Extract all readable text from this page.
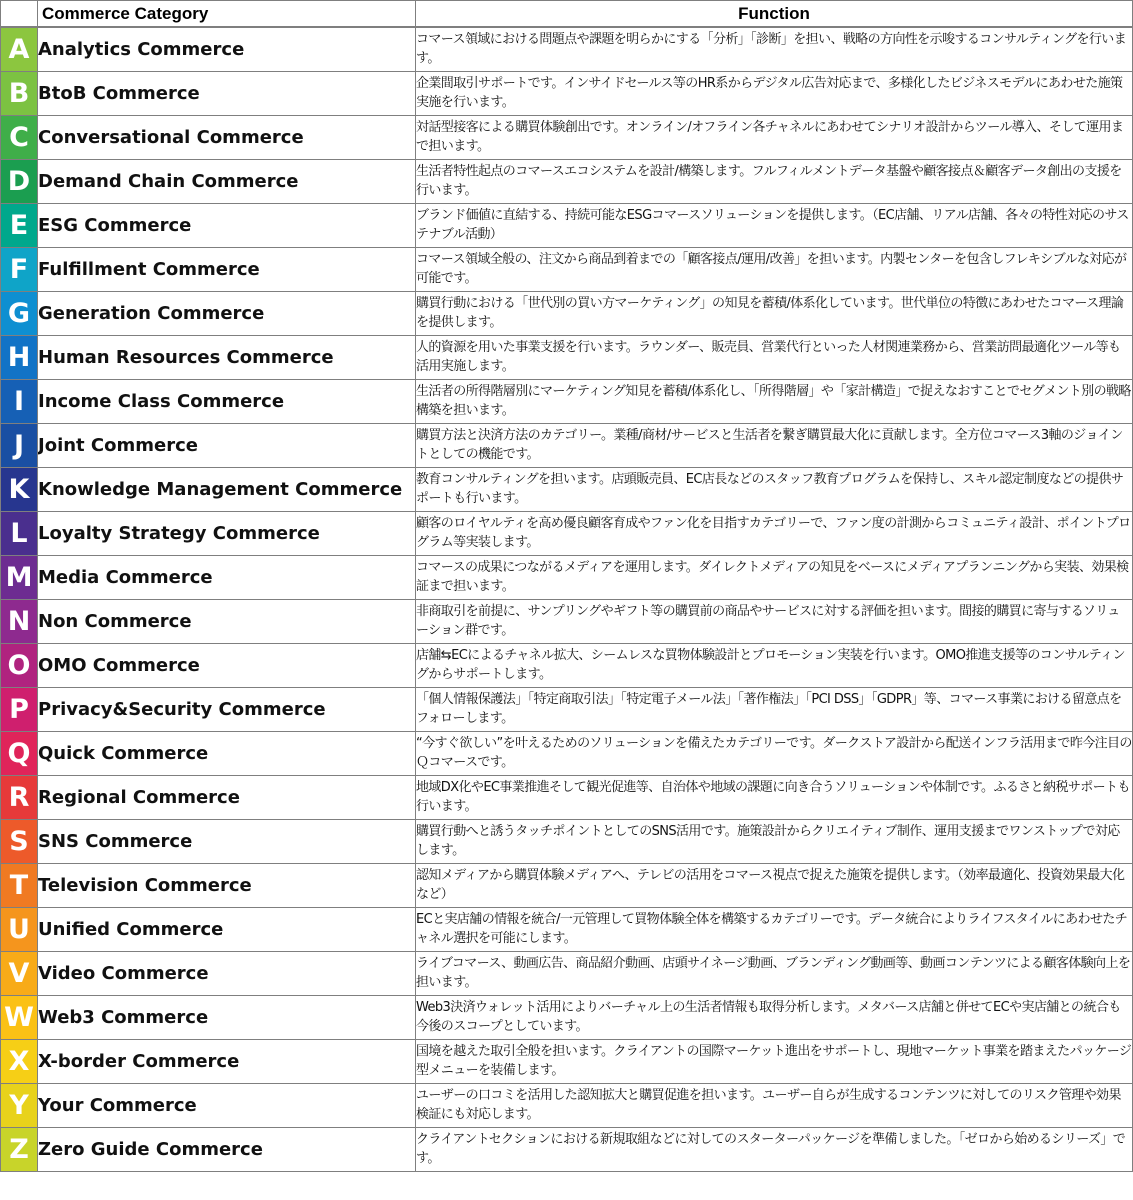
	Commerce Category	Function
A	Analytics Commerce	コマース領域における問題点や課題を明らかにする「分析」「診断」を担い、戦略の方向性を示唆するコンサルティングを行います。
B	BtoB Commerce	企業間取引サポートです。インサイドセールス等のHR系からデジタル広告対応まで、多様化したビジネスモデルにあわせた施策実施を行います。
C	Conversational Commerce	対話型接客による購買体験創出です。オンライン/オフライン各チャネルにあわせてシナリオ設計からツール導入、そして運用まで担います。
D	Demand Chain Commerce	生活者特性起点のコマースエコシステムを設計/構築します。フルフィルメントデータ基盤や顧客接点＆顧客データ創出の支援を行います。
E	ESG Commerce	ブランド価値に直結する、持続可能なESGコマースソリューションを提供します。（EC店舗、リアル店舗、各々の特性対応のサステナブル活動）
F	Fulfillment Commerce	コマース領域全般の、注文から商品到着までの「顧客接点/運用/改善」を担います。内製センターを包含しフレキシブルな対応が可能です。
G	Generation Commerce	購買行動における「世代別の買い方マーケティング」の知見を蓄積/体系化しています。世代単位の特徴にあわせたコマース理論を提供します。
H	Human Resources Commerce	人的資源を用いた事業支援を行います。ラウンダー、販売員、営業代行といった人材関連業務から、営業訪問最適化ツール等も活用実施します。
I	Income Class Commerce	生活者の所得階層別にマーケティング知見を蓄積/体系化し、「所得階層」や「家計構造」で捉えなおすことでセグメント別の戦略構築を担います。
J	Joint Commerce	購買方法と決済方法のカテゴリー。業種/商材/サービスと生活者を繋ぎ購買最大化に貢献します。全方位コマース3軸のジョイントとしての機能です。
K	Knowledge Management Commerce	教育コンサルティングを担います。店頭販売員、EC店長などのスタッフ教育プログラムを保持し、スキル認定制度などの提供サポートも行います。
L	Loyalty Strategy Commerce	顧客のロイヤルティを高め優良顧客育成やファン化を目指すカテゴリーで、ファン度の計測からコミュニティ設計、ポイントプログラム等実装します。
M	Media Commerce	コマースの成果につながるメディアを運用します。ダイレクトメディアの知見をベースにメディアプランニングから実装、効果検証まで担います。
N	Non Commerce	非商取引を前提に、サンプリングやギフト等の購買前の商品やサービスに対する評価を担います。間接的購買に寄与するソリューション群です。
O	OMO Commerce	店舗⇆ECによるチャネル拡大、シームレスな買物体験設計とプロモーション実装を行います。OMO推進支援等のコンサルティングからサポートします。
P	Privacy&Security Commerce	「個人情報保護法」「特定商取引法」「特定電子メール法」「著作権法」「PCI DSS」「GDPR」等、コマース事業における留意点をフォローします。
Q	Quick Commerce	“今すぐ欲しい”を叶えるためのソリューションを備えたカテゴリーです。ダークストア設計から配送インフラ活用まで昨今注目のＱコマースです。
R	Regional Commerce	地域DX化やEC事業推進そして観光促進等、自治体や地域の課題に向き合うソリューションや体制です。ふるさと納税サポートも行います。
S	SNS Commerce	購買行動へと誘うタッチポイントとしてのSNS活用です。施策設計からクリエイティブ制作、運用支援までワンストップで対応します。
T	Television Commerce	認知メディアから購買体験メディアへ、テレビの活用をコマース視点で捉えた施策を提供します。（効率最適化、投資効果最大化など）
U	Unified Commerce	ECと実店舗の情報を統合/一元管理して買物体験全体を構築するカテゴリーです。データ統合によりライフスタイルにあわせたチャネル選択を可能にします。
V	Video Commerce	ライブコマース、動画広告、商品紹介動画、店頭サイネージ動画、ブランディング動画等、動画コンテンツによる顧客体験向上を担います。
W	Web3 Commerce	Web3決済ウォレット活用によりバーチャル上の生活者情報も取得分析します。メタバース店舗と併せてECや実店舗との統合も今後のスコープとしています。
X	X-border Commerce	国境を越えた取引全般を担います。クライアントの国際マーケット進出をサポートし、現地マーケット事業を踏まえたパッケージ型メニューを装備します。
Y	Your Commerce	ユーザーの口コミを活用した認知拡大と購買促進を担います。ユーザー自らが生成するコンテンツに対してのリスク管理や効果検証にも対応します。
Z	Zero Guide Commerce	クライアントセクションにおける新規取組などに対してのスターターパッケージを準備しました。「ゼロから始めるシリーズ」です。
